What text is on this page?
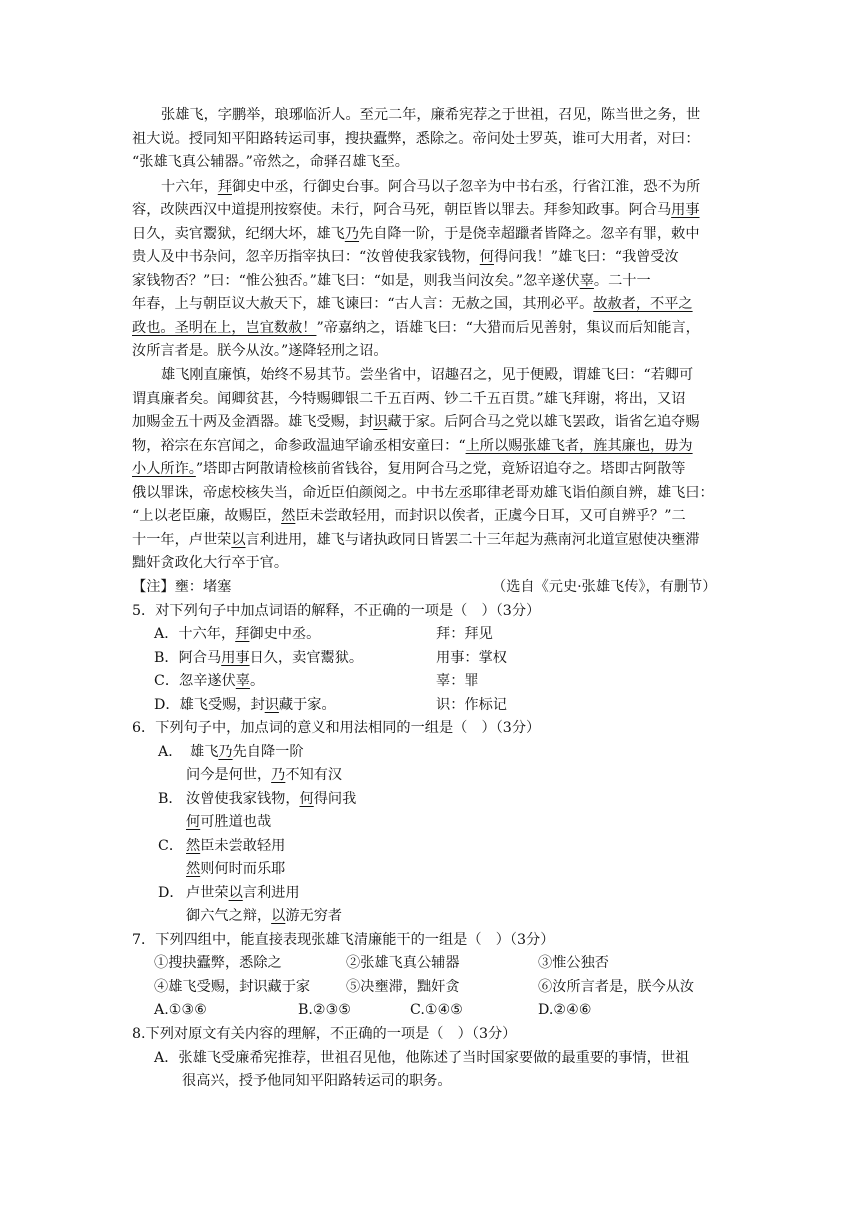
张雄飞，字鹏举，琅琊临沂人。至元二年，廉希宪荐之于世祖，召见，陈当世之务，世
祖大说。授同知平阳路转运司事，搜抉蠹弊，悉除之。帝问处士罗英，谁可大用者，对曰：
“张雄飞真公辅器。”帝然之，命驿召雄飞至。
十六年，拜御史中丞，行御史台事。阿合马以子忽辛为中书右丞，行省江淮，恐不为所
容，改陕西汉中道提刑按察使。未行，阿合马死，朝臣皆以罪去。拜参知政事。阿合马用事
日久，卖官鬻狱，纪纲大坏，雄飞乃先自降一阶，于是侥幸超躐者皆降之。忽辛有罪，敕中
贵人及中书杂问，忽辛历指宰执曰：“汝曾使我家钱物，何得问我！”雄飞曰：“我曾受汝
家钱物否？”曰：“惟公独否。”雄飞曰：“如是，则我当问汝矣。”忽辛遂伏辜。二十一
年春，上与朝臣议大赦天下，雄飞谏曰：“古人言：无赦之国，其刑必平。故赦者，不平之
政也。圣明在上，岂宜数赦！”帝嘉纳之，语雄飞曰：“大猎而后见善射，集议而后知能言，
汝所言者是。朕今从汝。”遂降轻刑之诏。
雄飞刚直廉慎，始终不易其节。尝坐省中，诏趣召之，见于便殿，谓雄飞曰：“若卿可
谓真廉者矣。闻卿贫甚，今特赐卿银二千五百两、钞二千五百贯。”雄飞拜谢，将出，又诏
加赐金五十两及金酒器。雄飞受赐，封识藏于家。后阿合马之党以雄飞罢政，诣省乞追夺赐
物，裕宗在东宫闻之，命参政温迪罕谕丞相安童曰：“上所以赐张雄飞者，旌其廉也，毋为
小人所诈。”塔即古阿散请检核前省钱谷，复用阿合马之党，竟矫诏追夺之。塔即古阿散等
俄以罪诛，帝虑校核失当，命近臣伯颜阅之。中书左丞耶律老哥劝雄飞诣伯颜自辨，雄飞曰：
“上以老臣廉，故赐臣，然臣未尝敢轻用，而封识以俟者，正虞今日耳，又可自辨乎？”二
十一年，卢世荣以言利进用，雄飞与诸执政同日皆罢二十三年起为燕南河北道宣慰使决壅滞
黜奸贪政化大行卒于官。
【注】壅：堵塞	（选自《元史·张雄飞传》，有删节）
5．对下列句子中加点词语的解释，不正确的一项是（　）（3分）
A．十六年，拜御史中丞。	拜：拜见
B．阿合马用事日久，卖官鬻狱。	用事：掌权
C．忽辛遂伏辜。	辜：罪
D．雄飞受赐，封识藏于家。	识：作标记
6．下列句子中，加点词的意义和用法相同的一组是（　）（3分）
A． 雄飞乃先自降一阶
问今是何世，乃不知有汉
B． 汝曾使我家钱物，何得问我
何可胜道也哉
C． 然臣未尝敢轻用
然则何时而乐耶
D． 卢世荣以言利进用
御六气之辩，以游无穷者
7．下列四组中，能直接表现张雄飞清廉能干的一组是（　）（3分）
①搜抉蠹弊，悉除之	②张雄飞真公辅器	③惟公独否
④雄飞受赐，封识藏于家	⑤决壅滞，黜奸贪	⑥汝所言者是，朕今从汝
A.①③⑥	B.②③⑤	C.①④⑤	D.②④⑥
8.下列对原文有关内容的理解，不正确的一项是（　）（3分）
A．张雄飞受廉希宪推荐，世祖召见他，他陈述了当时国家要做的最重要的事情，世祖
很高兴，授予他同知平阳路转运司的职务。
